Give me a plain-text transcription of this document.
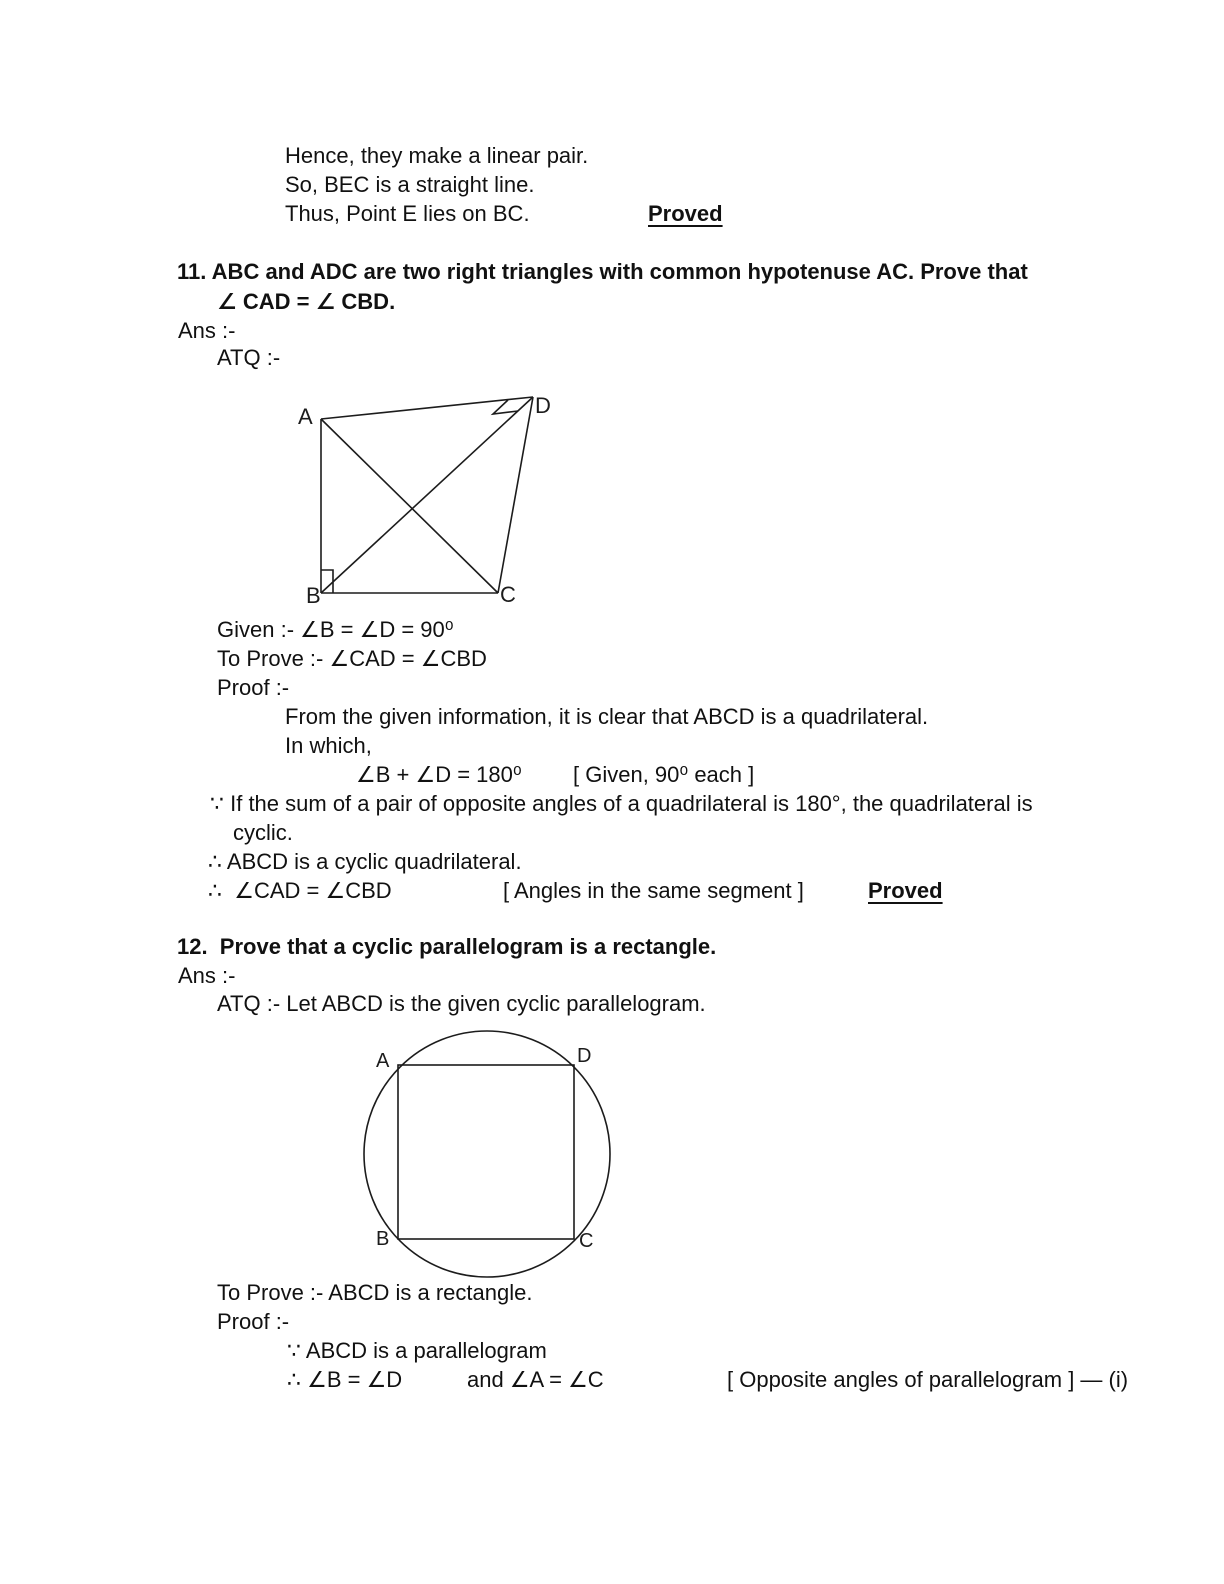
Hence, they make a linear pair.
So, BEC is a straight line.
Thus, Point E lies on BC.	Proved
11. ABC and ADC are two right triangles with common hypotenuse AC. Prove that
∠ CAD = ∠ CBD.
Ans :-
ATQ :-
A
B	C
D
Given :- ∠B = ∠D = 90⁰
To Prove :- ∠CAD = ∠CBD
Proof :-
From the given information, it is clear that ABCD is a quadrilateral.
In which,
∠B + ∠D = 180⁰ [ Given, 90⁰ each ]
∵ If the sum of a pair of opposite angles of a quadrilateral is 180°, the quadrilateral is
cyclic.
∴ ABCD is a cyclic quadrilateral.
∴  ∠CAD = ∠CBD	[ Angles in the same segment ]	Proved
12.  Prove that a cyclic parallelogram is a rectangle.
Ans :-
ATQ :- Let ABCD is the given cyclic parallelogram.
A
B	C
D
To Prove :- ABCD is a rectangle.
Proof :-
∵ ABCD is a parallelogram
∴ ∠B = ∠D	and ∠A = ∠C	[ Opposite angles of parallelogram ] — (i)
